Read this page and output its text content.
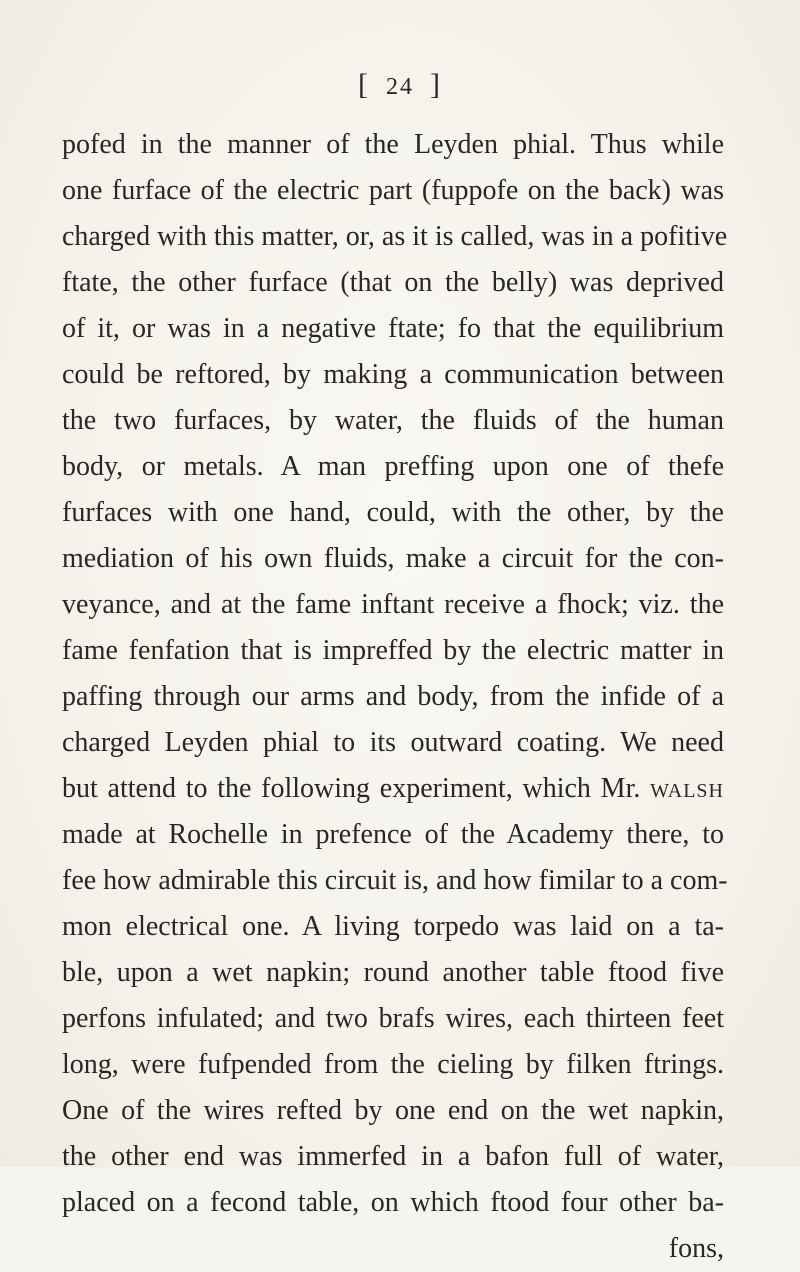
[ 24 ]
pofed in the manner of the Leyden phial. Thus while
one furface of the electric part (fuppofe on the back) was
charged with this matter, or, as it is called, was in a pofitive
ftate, the other furface (that on the belly) was deprived
of it, or was in a negative ftate; fo that the equilibrium
could be reftored, by making a communication between
the two furfaces, by water, the fluids of the human
body, or metals. A man preffing upon one of thefe
furfaces with one hand, could, with the other, by the
mediation of his own fluids, make a circuit for the con-
veyance, and at the fame inftant receive a fhock; viz. the
fame fenfation that is impreffed by the electric matter in
paffing through our arms and body, from the infide of a
charged Leyden phial to its outward coating. We need
but attend to the following experiment, which Mr. WALSH
made at Rochelle in prefence of the Academy there, to
fee how admirable this circuit is, and how fimilar to a com-
mon electrical one. A living torpedo was laid on a ta-
ble, upon a wet napkin; round another table ftood five
perfons infulated; and two brafs wires, each thirteen feet
long, were fufpended from the cieling by filken ftrings.
One of the wires refted by one end on the wet napkin,
the other end was immerfed in a bafon full of water,
placed on a fecond table, on which ftood four other ba-
fons,
